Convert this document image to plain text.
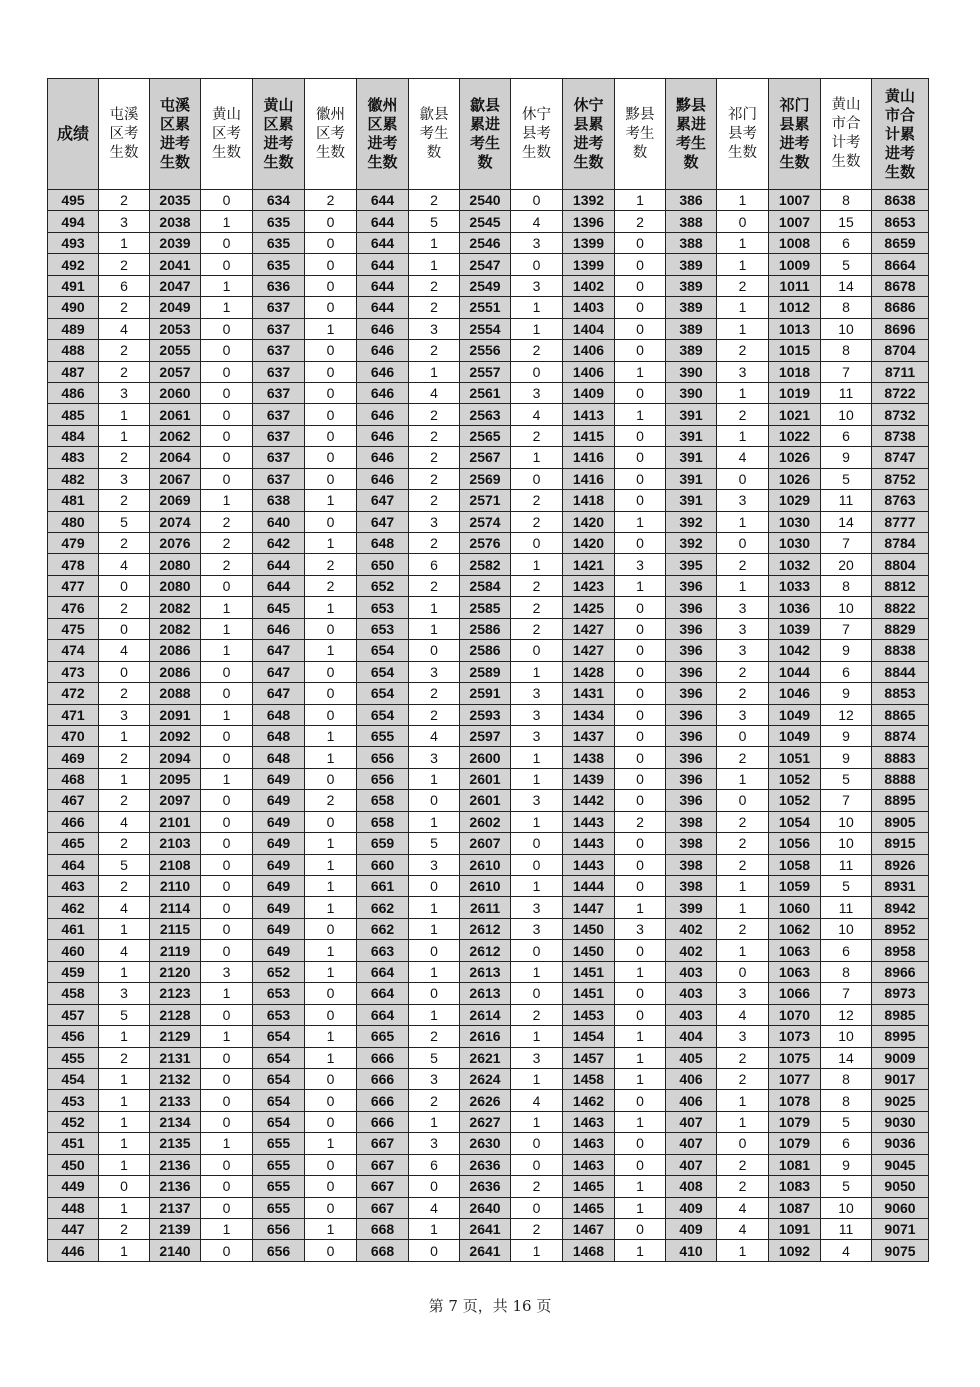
成绩	屯溪区考生数	屯溪区累进考生数	黄山区考生数	黄山区累进考生数	徽州区考生数	徽州区累进考生数	歙县考生数	歙县累进考生数	休宁县考生数	休宁县累进考生数	黟县考生数	黟县累进考生数	祁门县考生数	祁门县累进考生数	黄山市合计考生数	黄山市合计累进考生数
495	2	2035	0	634	2	644	2	2540	0	1392	1	386	1	1007	8	8638
494	3	2038	1	635	0	644	5	2545	4	1396	2	388	0	1007	15	8653
493	1	2039	0	635	0	644	1	2546	3	1399	0	388	1	1008	6	8659
492	2	2041	0	635	0	644	1	2547	0	1399	0	389	1	1009	5	8664
491	6	2047	1	636	0	644	2	2549	3	1402	0	389	2	1011	14	8678
490	2	2049	1	637	0	644	2	2551	1	1403	0	389	1	1012	8	8686
489	4	2053	0	637	1	646	3	2554	1	1404	0	389	1	1013	10	8696
488	2	2055	0	637	0	646	2	2556	2	1406	0	389	2	1015	8	8704
487	2	2057	0	637	0	646	1	2557	0	1406	1	390	3	1018	7	8711
486	3	2060	0	637	0	646	4	2561	3	1409	0	390	1	1019	11	8722
485	1	2061	0	637	0	646	2	2563	4	1413	1	391	2	1021	10	8732
484	1	2062	0	637	0	646	2	2565	2	1415	0	391	1	1022	6	8738
483	2	2064	0	637	0	646	2	2567	1	1416	0	391	4	1026	9	8747
482	3	2067	0	637	0	646	2	2569	0	1416	0	391	0	1026	5	8752
481	2	2069	1	638	1	647	2	2571	2	1418	0	391	3	1029	11	8763
480	5	2074	2	640	0	647	3	2574	2	1420	1	392	1	1030	14	8777
479	2	2076	2	642	1	648	2	2576	0	1420	0	392	0	1030	7	8784
478	4	2080	2	644	2	650	6	2582	1	1421	3	395	2	1032	20	8804
477	0	2080	0	644	2	652	2	2584	2	1423	1	396	1	1033	8	8812
476	2	2082	1	645	1	653	1	2585	2	1425	0	396	3	1036	10	8822
475	0	2082	1	646	0	653	1	2586	2	1427	0	396	3	1039	7	8829
474	4	2086	1	647	1	654	0	2586	0	1427	0	396	3	1042	9	8838
473	0	2086	0	647	0	654	3	2589	1	1428	0	396	2	1044	6	8844
472	2	2088	0	647	0	654	2	2591	3	1431	0	396	2	1046	9	8853
471	3	2091	1	648	0	654	2	2593	3	1434	0	396	3	1049	12	8865
470	1	2092	0	648	1	655	4	2597	3	1437	0	396	0	1049	9	8874
469	2	2094	0	648	1	656	3	2600	1	1438	0	396	2	1051	9	8883
468	1	2095	1	649	0	656	1	2601	1	1439	0	396	1	1052	5	8888
467	2	2097	0	649	2	658	0	2601	3	1442	0	396	0	1052	7	8895
466	4	2101	0	649	0	658	1	2602	1	1443	2	398	2	1054	10	8905
465	2	2103	0	649	1	659	5	2607	0	1443	0	398	2	1056	10	8915
464	5	2108	0	649	1	660	3	2610	0	1443	0	398	2	1058	11	8926
463	2	2110	0	649	1	661	0	2610	1	1444	0	398	1	1059	5	8931
462	4	2114	0	649	1	662	1	2611	3	1447	1	399	1	1060	11	8942
461	1	2115	0	649	0	662	1	2612	3	1450	3	402	2	1062	10	8952
460	4	2119	0	649	1	663	0	2612	0	1450	0	402	1	1063	6	8958
459	1	2120	3	652	1	664	1	2613	1	1451	1	403	0	1063	8	8966
458	3	2123	1	653	0	664	0	2613	0	1451	0	403	3	1066	7	8973
457	5	2128	0	653	0	664	1	2614	2	1453	0	403	4	1070	12	8985
456	1	2129	1	654	1	665	2	2616	1	1454	1	404	3	1073	10	8995
455	2	2131	0	654	1	666	5	2621	3	1457	1	405	2	1075	14	9009
454	1	2132	0	654	0	666	3	2624	1	1458	1	406	2	1077	8	9017
453	1	2133	0	654	0	666	2	2626	4	1462	0	406	1	1078	8	9025
452	1	2134	0	654	0	666	1	2627	1	1463	1	407	1	1079	5	9030
451	1	2135	1	655	1	667	3	2630	0	1463	0	407	0	1079	6	9036
450	1	2136	0	655	0	667	6	2636	0	1463	0	407	2	1081	9	9045
449	0	2136	0	655	0	667	0	2636	2	1465	1	408	2	1083	5	9050
448	1	2137	0	655	0	667	4	2640	0	1465	1	409	4	1087	10	9060
447	2	2139	1	656	1	668	1	2641	2	1467	0	409	4	1091	11	9071
446	1	2140	0	656	0	668	0	2641	1	1468	1	410	1	1092	4	9075
第 7 页，共 16 页
